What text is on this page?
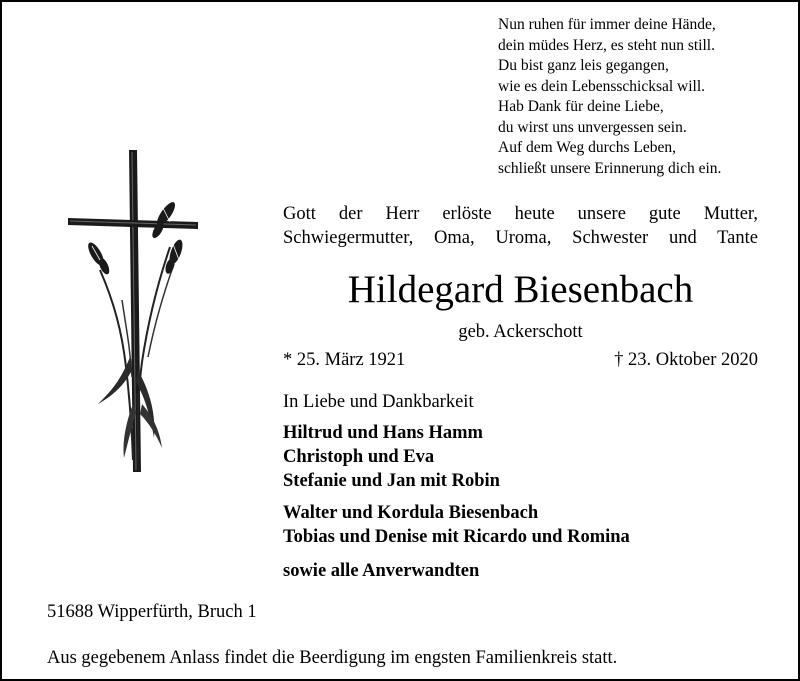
Nun ruhen für immer deine Hände,
dein müdes Herz, es steht nun still.
Du bist ganz leis gegangen,
wie es dein Lebensschicksal will.
Hab Dank für deine Liebe,
du wirst uns unvergessen sein.
Auf dem Weg durchs Leben,
schließt unsere Erinnerung dich ein.
Gott der Herr erlöste heute unsere gute Mutter,
Schwiegermutter, Oma, Uroma, Schwester und Tante
Hildegard Biesenbach
geb. Ackerschott
* 25. März 1921	† 23. Oktober 2020
In Liebe und Dankbarkeit
Hiltrud und Hans Hamm
Christoph und Eva
Stefanie und Jan mit Robin
Walter und Kordula Biesenbach
Tobias und Denise mit Ricardo und Romina
sowie alle Anverwandten
51688 Wipperfürth, Bruch 1
Aus gegebenem Anlass findet die Beerdigung im engsten Familienkreis statt.
